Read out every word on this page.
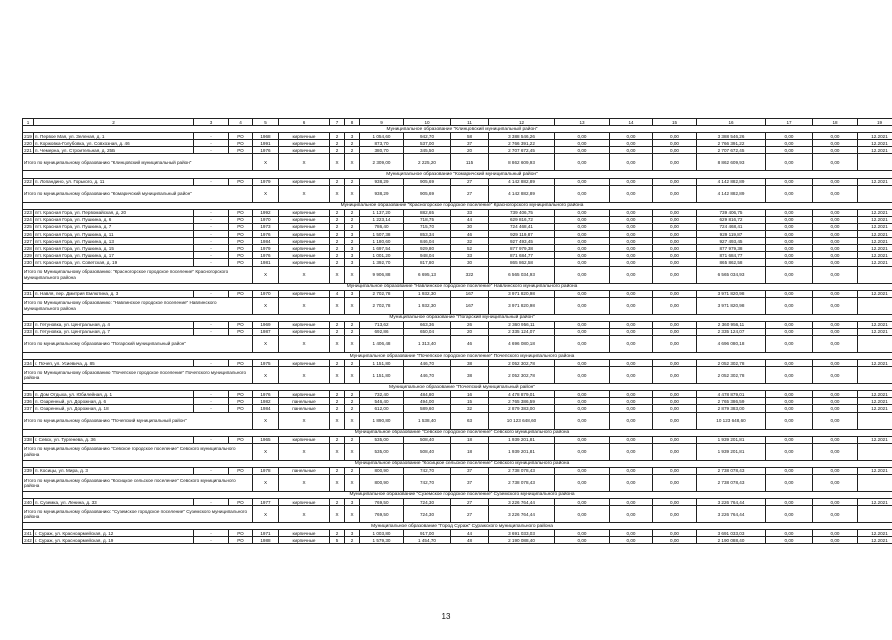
1	2	3	4	5	6	7	8	9	10	11	12	13	14	15	16	17	18	19
Муниципальное образование "Клинцовский муниципальный район"																		
219	п. Первое Мая, ул. Зеленая, д. 1	-	РО	1968	кирпичные	2	3	1 054,60	942,70	58	3 388 546,26	0,00	0,00	0,00	3 388 546,26	0,00	0,00	12.2021
220	п. Коржовка-Голубовка, ул. Совхозная, д. 46	-	РО	1991	кирпичные	2	2	873,70	537,00	37	2 766 391,22	0,00	0,00	0,00	2 766 391,22	0,00	0,00	12.2021
221	п. Чемерна, ул. Строительная, д. 25Б	-	РО	1976	кирпичные	2	2	380,70	345,50	20	2 707 672,45	0,00	0,00	0,00	2 707 672,45	0,00	0,00	12.2021
Итого по муниципальному образованию "Клинцовский муниципальный район"				X	X	X	X	2 309,00	2 225,20	115	8 862 609,93	0,00	0,00	0,00	8 862 609,93	0,00	0,00	
Муниципальное образование "Комаричский муниципальный район"																		
222	п. Лопандино, ул. Горького, д. 11	-	РО	1979	кирпичные	2	2	938,29	905,69	27	4 142 882,89	0,00	0,00	0,00	4 142 882,89	0,00	0,00	12.2021
Итого по муниципальному образованию "Комаричский муниципальный район"				X	X	X	X	938,29	905,69	27	4 142 882,89	0,00	0,00	0,00	4 142 882,89	0,00	0,00	
Муниципальное образование "Красногорское городское поселение" Красногорского муниципального района																		
223	пгт. Красная Гора, ул. Первомайская, д. 20	-	РО	1992	кирпичные	2	2	1 137,20	882,65	33	739 406,75	0,00	0,00	0,00	739 406,75	0,00	0,00	12.2021
224	пгт. Красная Гора, ул. Пушкина, д. 6	-	РО	1970	кирпичные	2	2	1 223,14	718,75	44	629 816,72	0,00	0,00	0,00	629 816,72	0,00	0,00	12.2021
225	пгт. Красная Гора, ул. Пушкина, д. 7	-	РО	1973	кирпичные	2	2	786,40	715,70	30	724 468,41	0,00	0,00	0,00	724 468,41	0,00	0,00	12.2021
226	пгт. Красная Гора, ул. Пушкина, д. 11	-	РО	1976	кирпичные	2	3	1 507,38	853,34	46	929 119,87	0,00	0,00	0,00	929 119,87	0,00	0,00	12.2021
227	пгт. Красная Гора, ул. Пушкина, д. 13	-	РО	1984	кирпичные	2	2	1 180,60	846,04	32	927 493,45	0,00	0,00	0,00	927 493,45	0,00	0,00	12.2021
228	пгт. Красная Гора, ул. Пушкина, д. 15	-	РО	1979	кирпичные	2	3	1 697,54	929,80	52	877 979,38	0,00	0,00	0,00	877 979,38	0,00	0,00	12.2021
229	пгт. Красная Гора, ул. Пушкина, д. 17	-	РО	1976	кирпичные	2	3	1 001,20	948,04	33	871 684,77	0,00	0,00	0,00	871 684,77	0,00	0,00	12.2021
230	пгт. Красная Гора, ул. Советская, д. 19	-	РО	1981	кирпичные	2	3	1 392,70	817,80	30	865 862,58	0,00	0,00	0,00	865 862,58	0,00	0,00	12.2021
Итого по Муниципальному образованию: "Красногорское городское поселение" Красногорского муниципального района				X	X	X	X	9 906,88	6 695,13	322	6 565 034,93	0,00	0,00	0,00	6 565 034,93	0,00	0,00	
Муниципальное образование "Навлинское городское поселение" Навлинского муниципального района																		
231	п. Навля, пер. Дмитрия Емлютина, д. 3	-	РО	1970	кирпичные	4	3	2 702,78	1 932,30	167	3 971 820,98	0,00	0,00	0,00	3 971 820,98	0,00	0,00	12.2021
Итого по Муниципальному образованию: "Навлинское городское поселение" Навлинского муниципального района				X	X	X	X	2 702,78	1 932,30	167	3 971 820,98	0,00	0,00	0,00	3 971 820,98	0,00	0,00	
Муниципальное образование "Погарский муниципальный район"																		
232	п. Гетуновка, ул. Центральная, д. 4	-	РО	1969	кирпичные	2	2	713,62	663,36	26	2 360 956,11	0,00	0,00	0,00	2 360 956,11	0,00	0,00	12.2021
233	п. Гетуновка, ул. Центральная, д. 7	-	РО	1987	кирпичные	2	2	692,86	650,04	20	2 335 124,07	0,00	0,00	0,00	2 335 124,07	0,00	0,00	12.2021
Итого по муниципальному образованию "Погарский муниципальный район"				X	X	X	X	1 406,48	1 313,40	46	4 696 080,18	0,00	0,00	0,00	4 696 080,18	0,00	0,00	
Муниципальное образование "Почепское городское поселение" Почепского муниципального района																		
234	г. Почеп, ул. Усиевича, д. 85	-	РО	1975	кирпичные	2	2	1 151,80	446,70	38	2 052 302,78	0,00	0,00	0,00	2 052 302,78	0,00	0,00	12.2021
Итого по Муниципальному образованию "Почепское городское поселение" Почепского муниципального района				X	X	X	X	1 151,80	446,70	38	2 052 302,78	0,00	0,00	0,00	2 052 302,78	0,00	0,00	
Муниципальное образование "Почепский муниципальный район"																		
235	п. Дом Отдыха, ул. Юбилейная, д. 1	-	РО	1976	кирпичные	2	2	732,40	484,80	16	4 478 879,01	0,00	0,00	0,00	4 478 879,01	0,00	0,00	12.2021
236	п. Озаренный, ул. Дорожная, д. 6	-	РО	1982	панельные	2	2	546,40	494,00	15	2 765 386,59	0,00	0,00	0,00	2 765 386,59	0,00	0,00	12.2021
237	п. Озаренный, ул. Дорожная, д. 18	-	РО	1984	панельные	2	2	612,00	589,60	32	2 879 383,00	0,00	0,00	0,00	2 879 383,00	0,00	0,00	12.2021
Итого по муниципальному образованию "Почепский муниципальный район"				X	X	X	X	1 890,80	1 538,40	63	10 123 648,60	0,00	0,00	0,00	10 123 648,60	0,00	0,00	
Муниципальное образование "Севское городское поселение" Севского муниципального района																		
238	г. Севск, ул. Тургенева, д. 36	-	РО	1965	кирпичные	2	2	535,00	508,40	18	1 939 201,81	0,00	0,00	0,00	1 939 201,81	0,00	0,00	12.2021
Итого по муниципальному образованию "Севское городское поселение" Севского муниципального района				X	X	X	X	535,00	508,40	18	1 939 201,81	0,00	0,00	0,00	1 939 201,81	0,00	0,00	
Муниципальное образование "Косицкое сельское поселение" Севского муниципального района																		
239	п. Косицы, ул. Мира, д. 3	-	РО	1978	панельные	2	2	800,90	742,70	37	2 738 078,43	0,00	0,00	0,00	2 738 078,43	0,00	0,00	12.2021
Итого по муниципальному образованию "Косицкое сельское поселение" Севского муниципального района				X	X	X	X	800,90	742,70	37	2 738 078,43	0,00	0,00	0,00	2 738 078,43	0,00	0,00	
Муниципальное образование "Суземское городское поселение" Суземского муниципального района																		
240	п. Суземка, ул. Ленина, д. 33	-	РО	1977	кирпичные	2	3	769,50	724,30	27	3 226 764,44	0,00	0,00	0,00	3 226 764,44	0,00	0,00	12.2021
Итого по муниципальному образованию: "Суземское городское поселение" Суземского муниципального района				X	X	X	X	769,50	724,30	27	3 226 764,44	0,00	0,00	0,00	3 226 764,44	0,00	0,00	
Муниципальное образование "Город Сураж" Суражского муниципального района																		
241	г. Сураж, ул. Красноармейская, д. 12	-	РО	1971	кирпичные	2	3	1 003,80	917,00	44	3 691 033,03	0,00	0,00	0,00	3 691 033,03	0,00	0,00	12.2021
242	г. Сураж, ул. Красноармейская, д. 19	-	РО	1988	кирпичные	5	2	1 579,30	1 454,70	48	2 190 088,40	0,00	0,00	0,00	2 190 088,40	0,00	0,00	12.2021
13
